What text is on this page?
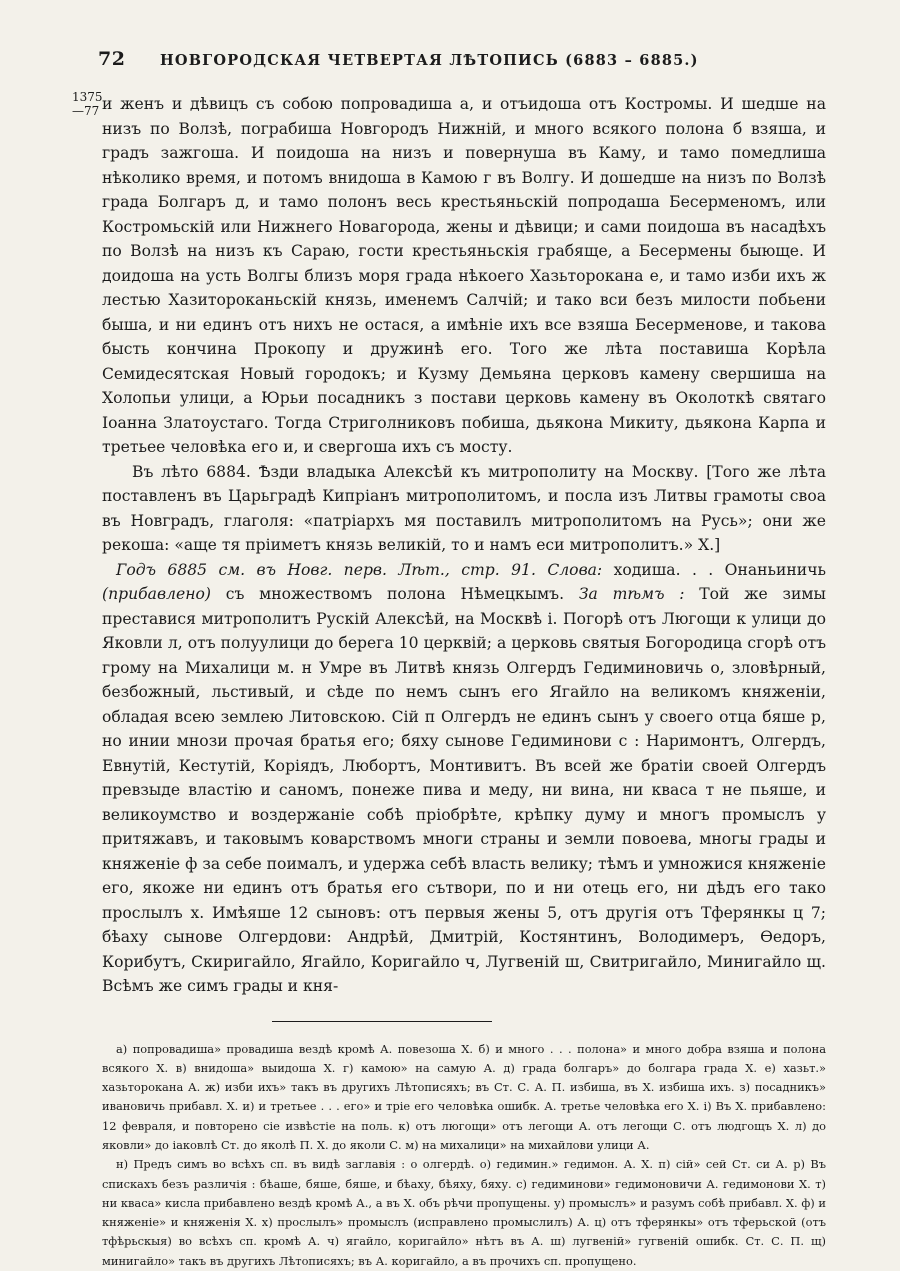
72	НОВГОРОДСКАЯ ЧЕТВЕРТАЯ ЛѢТОПИСЬ (6883 – 6885.)
1375
—77 и женъ и дѣвицъ съ собою попровадиша а, и отъидоша отъ Костромы. И шедше на низъ по Волзѣ, пограбиша Новгородъ Нижній, и много всякого полона б взяша, и градъ зажгоша. И поидоша на низъ и повернуша въ Каму, и тамо помедлиша нѣколико время, и потомъ внидоша в Камою г въ Волгу. И дошедше на низъ по Волзѣ града Болгаръ д, и тамо полонъ весь крестьяньскій попродаша Бесерменомъ, или Костромьскій или Нижнего Новагорода, жены и дѣвици; и сами поидоша въ насадѣхъ по Волзѣ на низъ къ Сараю, гости крестьяньскія грабяще, а Бесермены быюще. И доидоша на усть Волгы близъ моря града нѣкоего Хазьторокана е, и тамо изби ихъ ж лестью Хазиторокaньскій князь, именемъ Салчій; и тако вси безъ милости побьени быша, и ни единъ отъ нихъ не остася, а имѣніе ихъ все взяша Бесерменове, и такова бысть кончина Прокопу и дружинѣ его. Того же лѣта поставиша Корѣла Семидесятская Новый городокъ; и Кузму Демьяна церковъ камену свершиша на Холопьи улици, а Юрьи посадникъ з постави церковь камену въ Околоткѣ святаго Іоанна Златоустаго. Тогда Стриголниковъ побиша, дьякона Микиту, дьякона Карпа и третьее человѣка его и, и свергоша ихъ съ мосту.

Въ лѣто 6884. Ѣзди владыка Алексѣй къ митрополиту на Москву. [Того же лѣта поставленъ въ Царьградѣ Кипріанъ митрополитомъ, и посла изъ Литвы грамоты своа въ Новградъ, глаголя: «патріархъ мя поставилъ митрополитомъ на Русь»; они же рекоша: «аще тя пріиметъ князь великій, то и намъ еси митрополитъ.» Х.]

Годъ 6885 см. въ Новг. перв. Лѣт., стр. 91. Слова: ходиша. . . Онаньиничь (прибавлено) съ множествомъ полона Нѣмецкымъ. За тѣмъ : Той же зимы преставися митрополитъ Рускій Алексѣй, на Москвѣ і. Погорѣ отъ Люгощи к улици до Яковли л, отъ полуулици до берега 10 церквій; а церковь святыя Богородица сгорѣ отъ грому на Михалици м. н Умре въ Литвѣ князь Олгердъ Гедиминовичь о, зловѣрный, безбожный, льстивый, и сѣде по немъ сынъ его Ягайло на великомъ княженіи, обладая всею землею Литовскою. Сій п Олгердъ не единъ сынъ у своего отца бяше р, но инии мнози прочая братья его; бяху сынове Гедиминови с : Наримонтъ, Олгердъ, Евнутій, Кестутій, Коріядъ, Любортъ, Монтивитъ. Въ всей же братіи своей Олгердъ превзыде властію и саномъ, понеже пива и меду, ни вина, ни кваса т не пьяше, и великоумство и воздержаніе собѣ пріобрѣте, крѣпку думу и многъ промыслъ у притяжавъ, и таковымъ коварствомъ многи страны и земли повоева, многы грады и княженіе ф за себе поималъ, и удержа себѣ власть велику; тѣмъ и умножися княженіе его, якоже ни единъ отъ братья его сътвори, по и ни отець его, ни дѣдъ его тако прослылъ х. Имѣяше 12 сыновъ: отъ первыя жены 5, отъ другія отъ Тферянкы ц 7; бѣаху сынове Олгердови: Андрѣй, Дмитрій, Костянтинъ, Володимеръ, Ѳедоръ, Корибутъ, Скиригайло, Ягайло, Коригайло ч, Лугвеній ш, Свитригайло, Минигайло щ. Всѣмъ же симъ грады и кня-

а) попровадиша» провадиша вездѣ кромѣ А. повезоша Х. б) и много . . . полона» и много добра взяша и полона всякого Х. в) внидоша» выидоша Х. г) камою» на самую А. д) града болгаръ» до болгара града Х. е) хазьт.» хазьторокана А. ж) изби ихъ» такъ въ другихъ Лѣтописяхъ; въ Ст. С. А. П. избиша, въ Х. избиша ихъ. з) посадникъ» ивановичь прибавл. Х. и) и третьее . . . его» и тріе его человѣка ошибк. А. третье человѣка его Х. і) Въ Х. прибавлено: 12 февраля, и повторено сіе извѣстіе на поль. к) отъ люгощи» отъ легощи А. отъ легощи С. отъ людгощъ Х. л) до яковли» до іаковлѣ Ст. до яколѣ П. Х. до яколи С. м) на михалици» на михайлови улици А.

н) Предъ симъ во всѣхъ сп. въ видѣ заглавія : о олгердѣ. о) гедимин.» гедимон. А. Х. п) сій» сей Ст. си А. р) Въ спискахъ безъ различія : бѣаше, бяше, бяше, и бѣаху, бѣяху, бяху. с) гедиминови» гедимоновичи А. гедимонови Х. т) ни кваса» кисла прибавлено вездѣ кромѣ А., а въ Х. объ рѣчи пропущены. у) промыслъ» и разумъ собѣ прибавл. Х. ф) и княженіе» и княженія Х. х) прослылъ» промыслъ (исправлено промыслилъ) А. ц) отъ тферянкы» отъ тферьской (отъ тфѣрьскыя) во всѣхъ сп. кромѣ А. ч) ягайло, коригайло» нѣтъ въ А. ш) лугвеній» гугвеній ошибк. Ст. С. П. щ) минигайло» такъ въ другихъ Лѣтописяхъ; въ А. коригайло, а въ прочихъ сп. пропущено.
